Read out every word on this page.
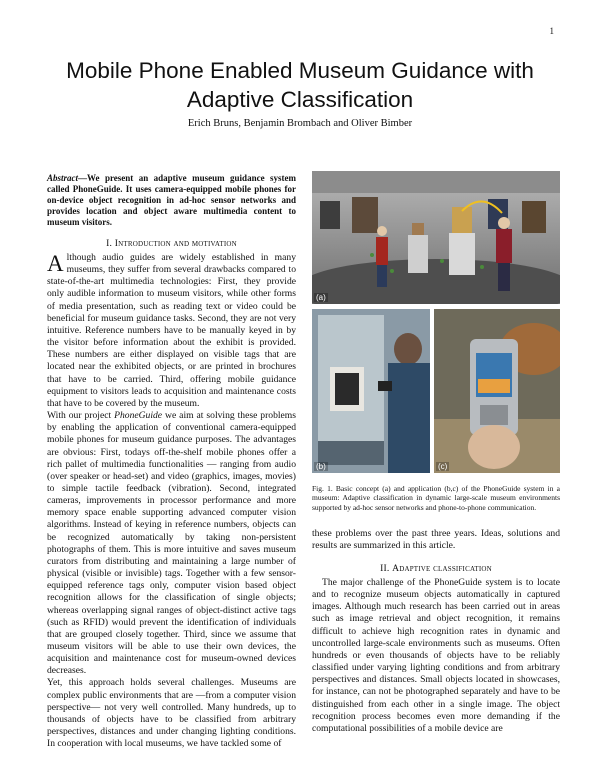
1
Mobile Phone Enabled Museum Guidance with Adaptive Classification
Erich Bruns, Benjamin Brombach and Oliver Bimber
Abstract—We present an adaptive museum guidance system called PhoneGuide. It uses camera-equipped mobile phones for on-device object recognition in ad-hoc sensor networks and provides location and object aware multimedia content to museum visitors.
I. Introduction and motivation

Although audio guides are widely established in many museums, they suffer from several drawbacks compared to state-of-the-art multimedia technologies: First, they provide only audible information to museum visitors, while other forms of media presentation, such as reading text or video could be beneficial for museum guidance tasks. Second, they are not very intuitive. Reference numbers have to be manually keyed in by the visitor before information about the exhibit is provided. These numbers are either displayed on visible tags that are located near the exhibited objects, or are printed in brochures that have to be carried. Third, offering mobile guidance equipment to visitors leads to acquisition and maintenance costs that have to be covered by the museum.

With our project PhoneGuide we aim at solving these problems by enabling the application of conventional camera-equipped mobile phones for museum guidance purposes. The advantages are obvious: First, todays off-the-shelf mobile phones offer a rich pallet of multimedia functionalities — ranging from audio (over speaker or head-set) and video (graphics, images, movies) to simple tactile feedback (vibration). Second, integrated cameras, improvements in processor performance and more memory space enable supporting advanced computer vision algorithms. Instead of keying in reference numbers, objects can be recognized automatically by taking non-persistent photographs of them. This is more intuitive and saves museum curators from distributing and maintaining a large number of physical (visible or invisible) tags. Together with a few sensor-equipped reference tags only, computer vision based object recognition allows for the classification of single objects; whereas overlapping signal ranges of object-distinct active tags (such as RFID) would prevent the identification of individuals that are grouped closely together. Third, since we assume that museum visitors will be able to use their own devices, the acquisition and maintenance cost for museum-owned devices decreases.

Yet, this approach holds several challenges. Museums are complex public environments that are —from a computer vision perspective— not very well controlled. Many hundreds, up to thousands of objects have to be classified from arbitrary perspectives, distances and under changing lighting conditions. In cooperation with local museums, we have tackled some of

(a)
(b)	(c)
Fig. 1. Basic concept (a) and application (b,c) of the PhoneGuide system in a museum: Adaptive classification in dynamic large-scale museum environments supported by ad-hoc sensor networks and phone-to-phone communication.
these problems over the past three years. Ideas, solutions and results are summarized in this article.
II. Adaptive classification

The major challenge of the PhoneGuide system is to locate and to recognize museum objects automatically in captured images. Although much research has been carried out in areas such as image retrieval and object recognition, it remains difficult to achieve high recognition rates in dynamic and uncontrolled large-scale environments such as museums. Often hundreds or even thousands of objects have to be reliably classified under varying lighting conditions and from arbitrary perspectives and distances. Small objects located in showcases, for instance, can not be photographed separately and have to be distinguished from each other in a single image. The object recognition process becomes even more demanding if the computational possibilities of a mobile device are
